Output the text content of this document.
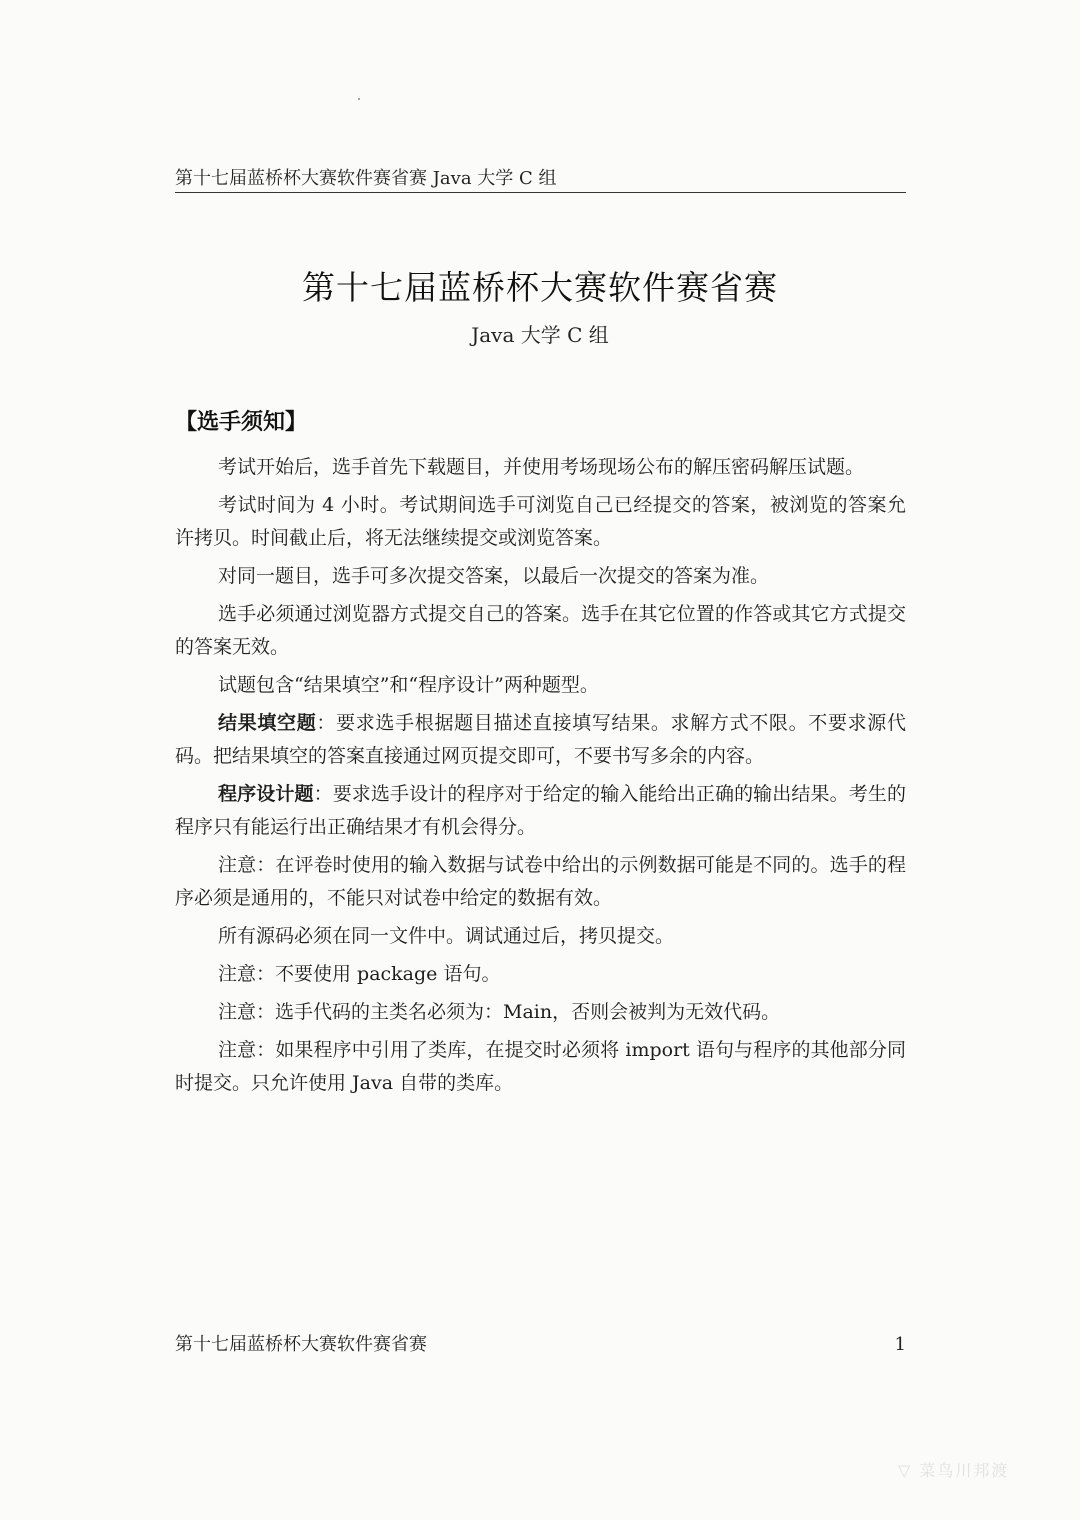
第十七届蓝桥杯大赛软件赛省赛 Java 大学 C 组
第十七届蓝桥杯大赛软件赛省赛
Java 大学 C 组
【选手须知】

考试开始后，选手首先下载题目，并使用考场现场公布的解压密码解压试题。

考试时间为 4 小时。考试期间选手可浏览自己已经提交的答案，被浏览的答案允许拷贝。时间截止后，将无法继续提交或浏览答案。

对同一题目，选手可多次提交答案，以最后一次提交的答案为准。

选手必须通过浏览器方式提交自己的答案。选手在其它位置的作答或其它方式提交的答案无效。

试题包含“结果填空”和“程序设计”两种题型。

结果填空题：要求选手根据题目描述直接填写结果。求解方式不限。不要求源代码。把结果填空的答案直接通过网页提交即可，不要书写多余的内容。

程序设计题：要求选手设计的程序对于给定的输入能给出正确的输出结果。考生的程序只有能运行出正确结果才有机会得分。

注意：在评卷时使用的输入数据与试卷中给出的示例数据可能是不同的。选手的程序必须是通用的，不能只对试卷中给定的数据有效。

所有源码必须在同一文件中。调试通过后，拷贝提交。

注意：不要使用 package 语句。

注意：选手代码的主类名必须为：Main，否则会被判为无效代码。

注意：如果程序中引用了类库，在提交时必须将 import 语句与程序的其他部分同时提交。只允许使用 Java 自带的类库。

第十七届蓝桥杯大赛软件赛省赛	1
▽ 菜鸟川邦渡
